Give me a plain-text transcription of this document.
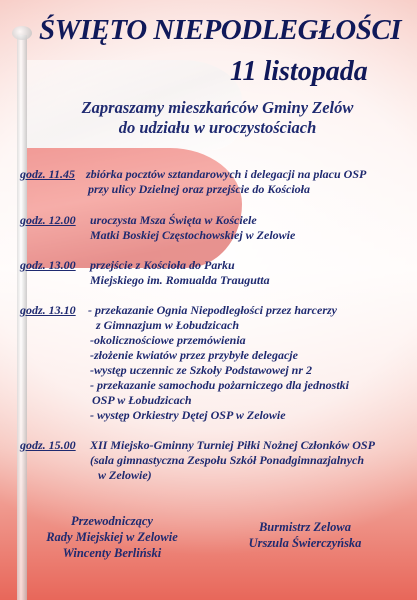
ŚWIĘTO NIEPODLEGŁOŚCI
11 listopada
Zapraszamy mieszkańców Gminy Zelów
do udziału w uroczystościach
godz. 11.45 zbiórka pocztów sztandarowych i delegacji na placu OSP
przy ulicy Dzielnej oraz przejście do Kościoła
godz. 12.00 uroczysta Msza Święta w Kościele
Matki Boskiej Częstochowskiej w Zelowie
godz. 13.00 przejście z Kościoła do Parku
Miejskiego im. Romualda Traugutta
godz. 13.10 - przekazanie Ognia Niepodległości przez harcerzy
z Gimnazjum w Łobudzicach
-okolicznościowe przemówienia
-złożenie kwiatów przez przybyłe delegacje
-występ uczennic ze Szkoły Podstawowej nr 2
- przekazanie samochodu pożarniczego dla jednostki
OSP w Łobudzicach
- występ Orkiestry Dętej OSP w Zelowie
godz. 15.00 XII Miejsko-Gminny Turniej Piłki Nożnej Członków OSP
(sala gimnastyczna Zespołu Szkół Ponadgimnazjalnych
w Zelowie)
Przewodniczący
Rady Miejskiej w Zelowie
Wincenty Berliński
Burmistrz Zelowa
Urszula Świerczyńska
